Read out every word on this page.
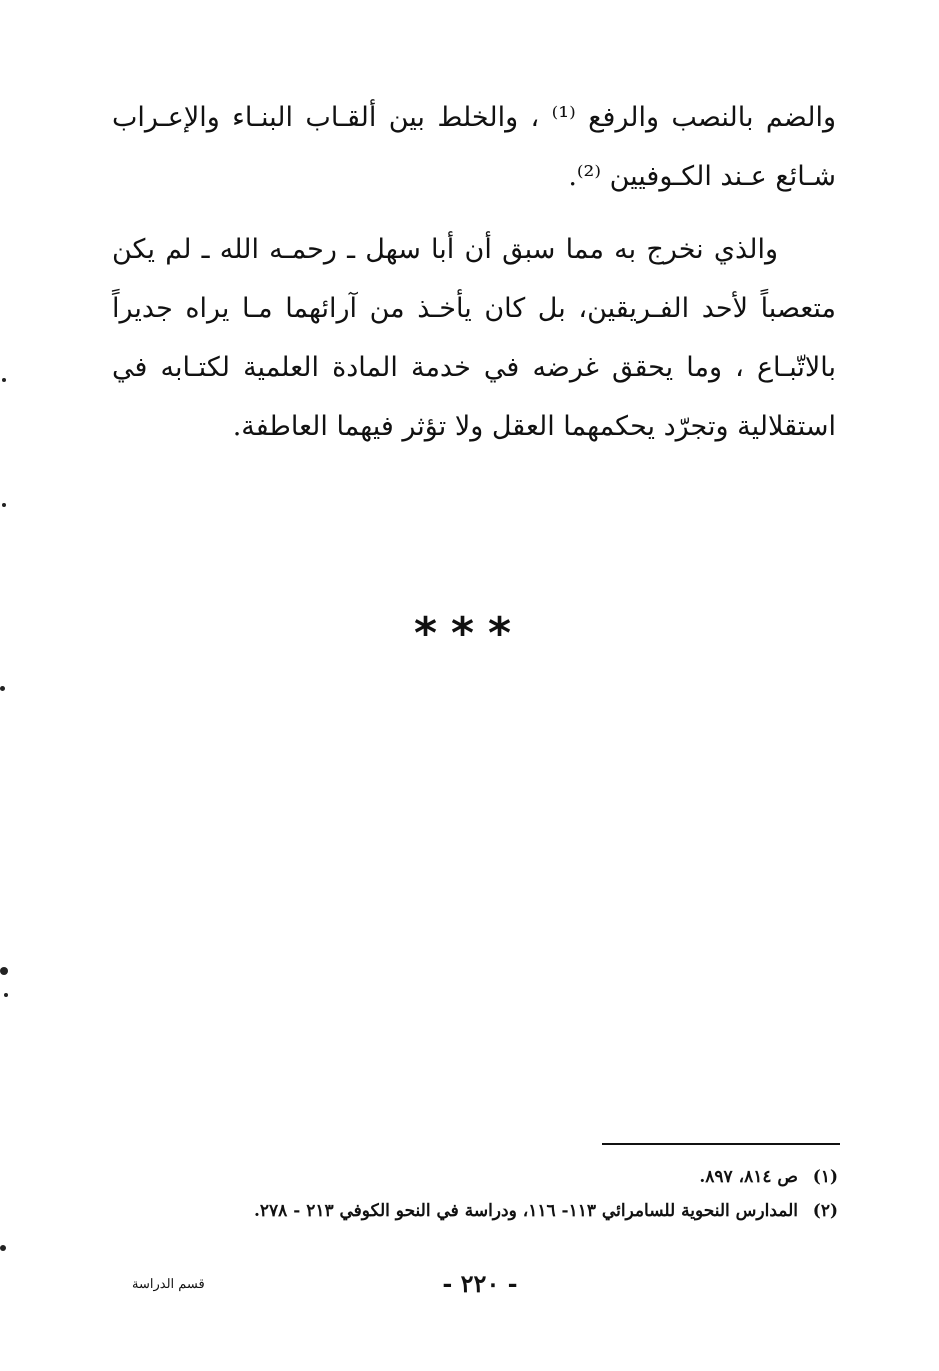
والضم بالنصب والرفع ⁽¹⁾ ، والخلط بين ألقـاب البنـاء والإعـراب شـائع عـند الكـوفيين ⁽²⁾.

والذي نخرج به مما سبق أن أبا سهل ـ رحمـه الله ـ لم يكن متعصباً لأحد الفـريقين، بل كان يأخـذ من آرائهما مـا يراه جديراً بالاتّبـاع ، وما يحقق غرضه في خدمة المادة العلمية لكتـابه في استقلالية وتجرّد يحكمهما العقل ولا تؤثر فيهما العاطفة.

***
(١)
ص ٨١٤، ٨٩٧.
(٢)
المدارس النحوية للسامرائي ١١٣- ١١٦، ودراسة في النحو الكوفي ٢١٣ - ٢٧٨.
- ٢٢٠ -
قسم الدراسة
